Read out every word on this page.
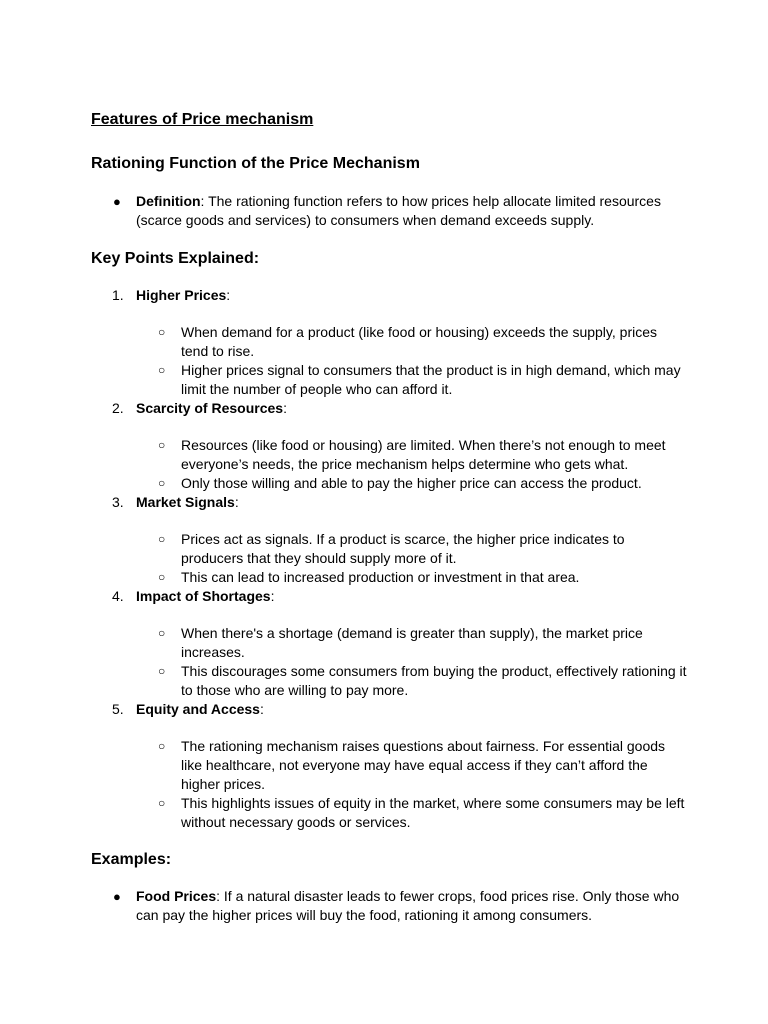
Features of Price mechanism
Rationing Function of the Price Mechanism
● Definition: The rationing function refers to how prices help allocate limited resources (scarce goods and services) to consumers when demand exceeds supply.
Key Points Explained:
1. Higher Prices:
○ When demand for a product (like food or housing) exceeds the supply, prices tend to rise.
○ Higher prices signal to consumers that the product is in high demand, which may limit the number of people who can afford it.
2. Scarcity of Resources:
○ Resources (like food or housing) are limited. When there’s not enough to meet everyone’s needs, the price mechanism helps determine who gets what.
○ Only those willing and able to pay the higher price can access the product.
3. Market Signals:
○ Prices act as signals. If a product is scarce, the higher price indicates to producers that they should supply more of it.
○ This can lead to increased production or investment in that area.
4. Impact of Shortages:
○ When there's a shortage (demand is greater than supply), the market price increases.
○ This discourages some consumers from buying the product, effectively rationing it to those who are willing to pay more.
5. Equity and Access:
○ The rationing mechanism raises questions about fairness. For essential goods like healthcare, not everyone may have equal access if they can’t afford the higher prices.
○ This highlights issues of equity in the market, where some consumers may be left without necessary goods or services.
Examples:
● Food Prices: If a natural disaster leads to fewer crops, food prices rise. Only those who can pay the higher prices will buy the food, rationing it among consumers.
